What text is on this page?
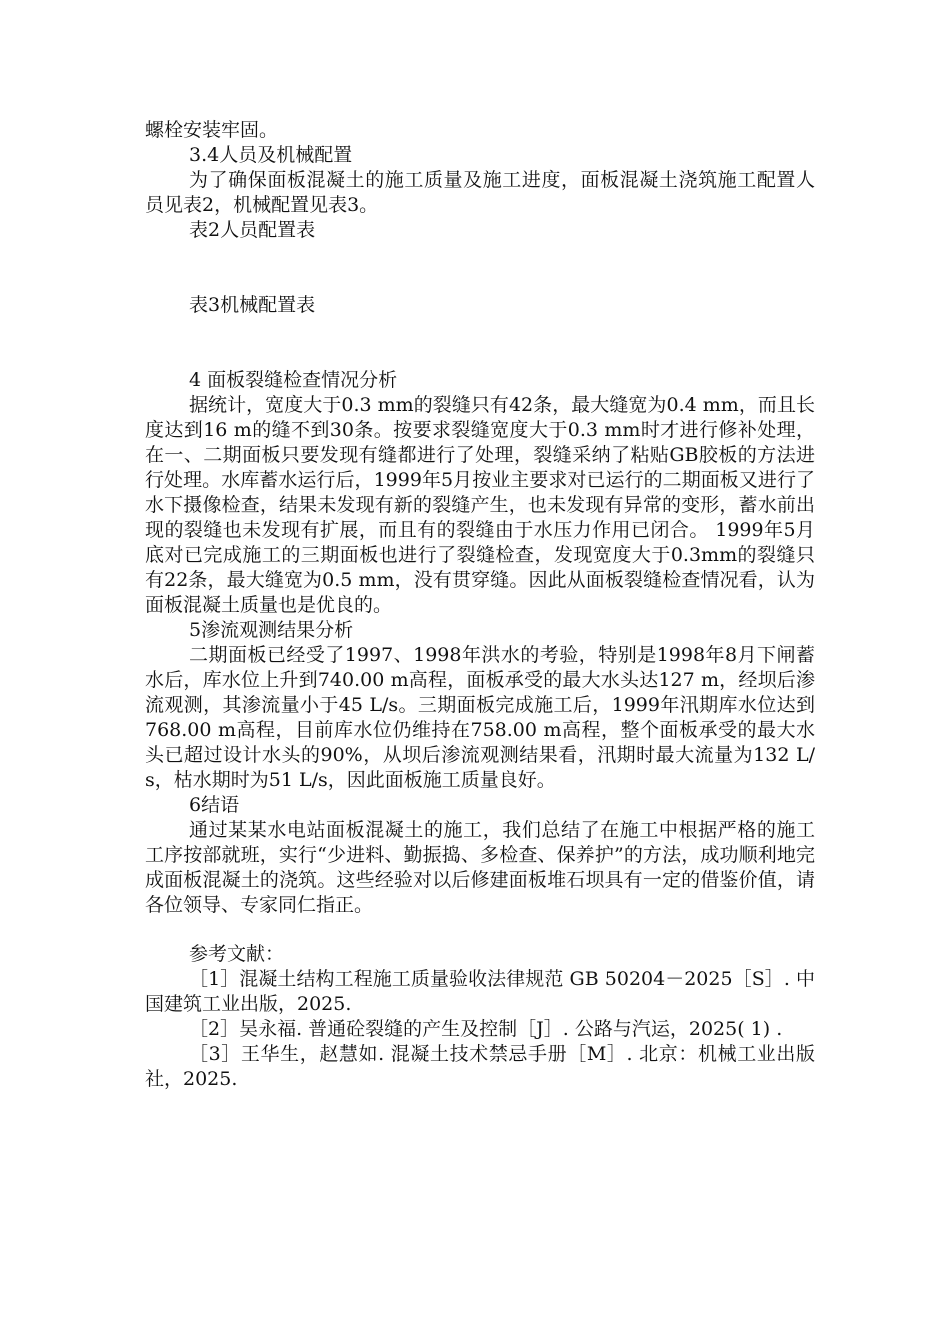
螺栓安装牢固。

3.4人员及机械配置

为了确保面板混凝土的施工质量及施工进度，面板混凝土浇筑施工配置人员见表2，机械配置见表3。

表2人员配置表

表3机械配置表

4 面板裂缝检查情况分析

据统计，宽度大于0.3 mm的裂缝只有42条，最大缝宽为0.4 mm，而且长度达到16 m的缝不到30条。按要求裂缝宽度大于0.3 mm时才进行修补处理，在一、二期面板只要发现有缝都进行了处理，裂缝采纳了粘贴GB胶板的方法进行处理。水库蓄水运行后，1999年5月按业主要求对已运行的二期面板又进行了水下摄像检查，结果未发现有新的裂缝产生，也未发现有异常的变形，蓄水前出现的裂缝也未发现有扩展，而且有的裂缝由于水压力作用已闭合。 1999年5月底对已完成施工的三期面板也进行了裂缝检查，发现宽度大于0.3mm的裂缝只有22条，最大缝宽为0.5 mm，没有贯穿缝。因此从面板裂缝检查情况看，认为面板混凝土质量也是优良的。

5渗流观测结果分析

二期面板已经受了1997、1998年洪水的考验，特别是1998年8月下闸蓄水后，库水位上升到740.00 m高程，面板承受的最大水头达127 m，经坝后渗流观测，其渗流量小于45 L/s。三期面板完成施工后，1999年汛期库水位达到768.00 m高程，目前库水位仍维持在758.00 m高程，整个面板承受的最大水头已超过设计水头的90%，从坝后渗流观测结果看，汛期时最大流量为132 L/s，枯水期时为51 L/s，因此面板施工质量良好。

6结语

通过某某水电站面板混凝土的施工，我们总结了在施工中根据严格的施工工序按部就班，实行“少进料、勤振捣、多检查、保养护”的方法，成功顺利地完成面板混凝土的浇筑。这些经验对以后修建面板堆石坝具有一定的借鉴价值，请各位领导、专家同仁指正。

参考文献：

［1］混凝土结构工程施工质量验收法律规范 GB 50204－2025［S］. 中国建筑工业出版，2025.

［2］吴永福. 普通砼裂缝的产生及控制［J］. 公路与汽运，2025( 1) .

［3］王华生，赵慧如. 混凝土技术禁忌手册［M］. 北京：机械工业出版社，2025.
